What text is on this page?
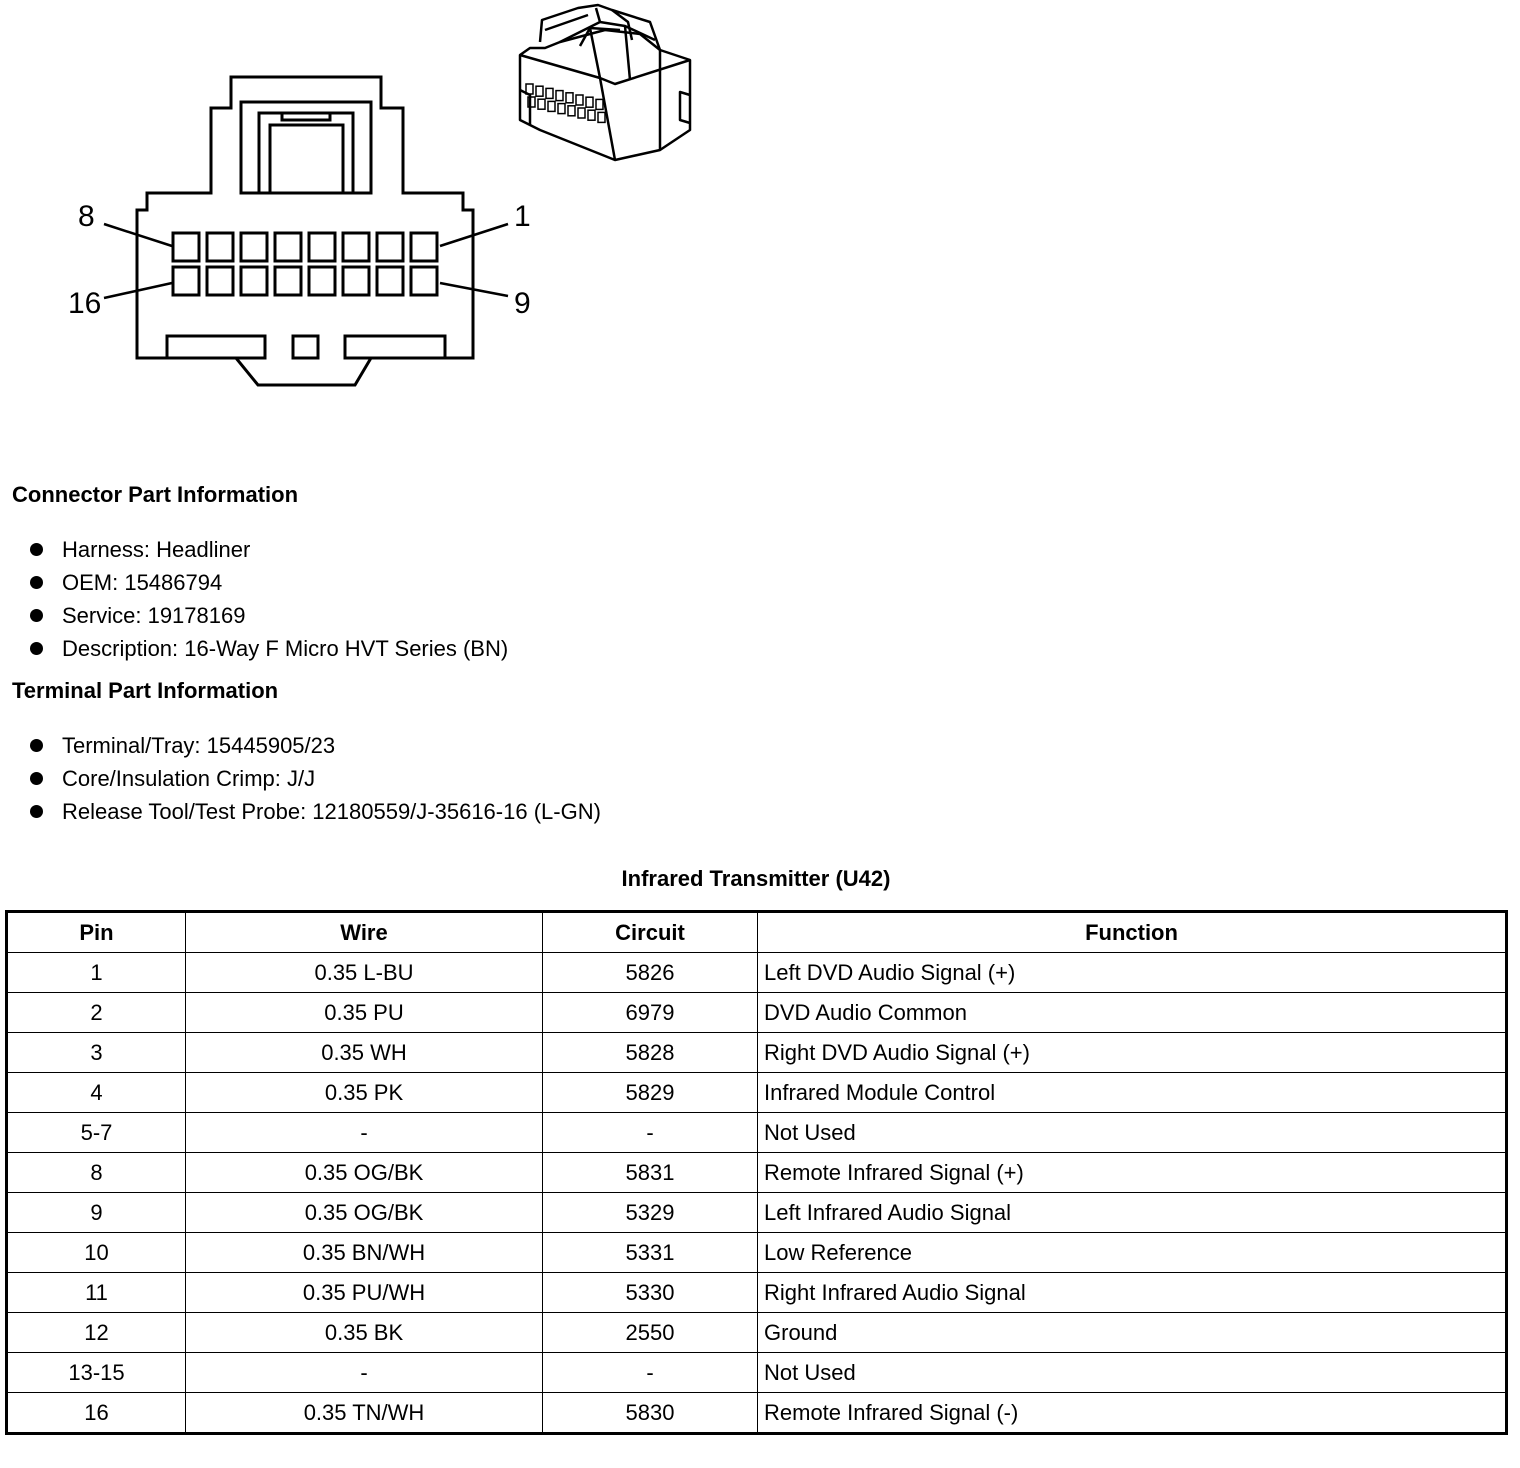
8	1
16	9
Connector Part Information
Harness: Headliner
OEM: 15486794
Service: 19178169
Description: 16-Way F Micro HVT Series (BN)
Terminal Part Information
Terminal/Tray: 15445905/23
Core/Insulation Crimp: J/J
Release Tool/Test Probe: 12180559/J-35616-16 (L-GN)
Infrared Transmitter (U42)
Pin	Wire	Circuit	Function
1	0.35 L-BU	5826	Left DVD Audio Signal (+)
2	0.35 PU	6979	DVD Audio Common
3	0.35 WH	5828	Right DVD Audio Signal (+)
4	0.35 PK	5829	Infrared Module Control
5-7	-	-	Not Used
8	0.35 OG/BK	5831	Remote Infrared Signal (+)
9	0.35 OG/BK	5329	Left Infrared Audio Signal
10	0.35 BN/WH	5331	Low Reference
11	0.35 PU/WH	5330	Right Infrared Audio Signal
12	0.35 BK	2550	Ground
13-15	-	-	Not Used
16	0.35 TN/WH	5830	Remote Infrared Signal (-)
